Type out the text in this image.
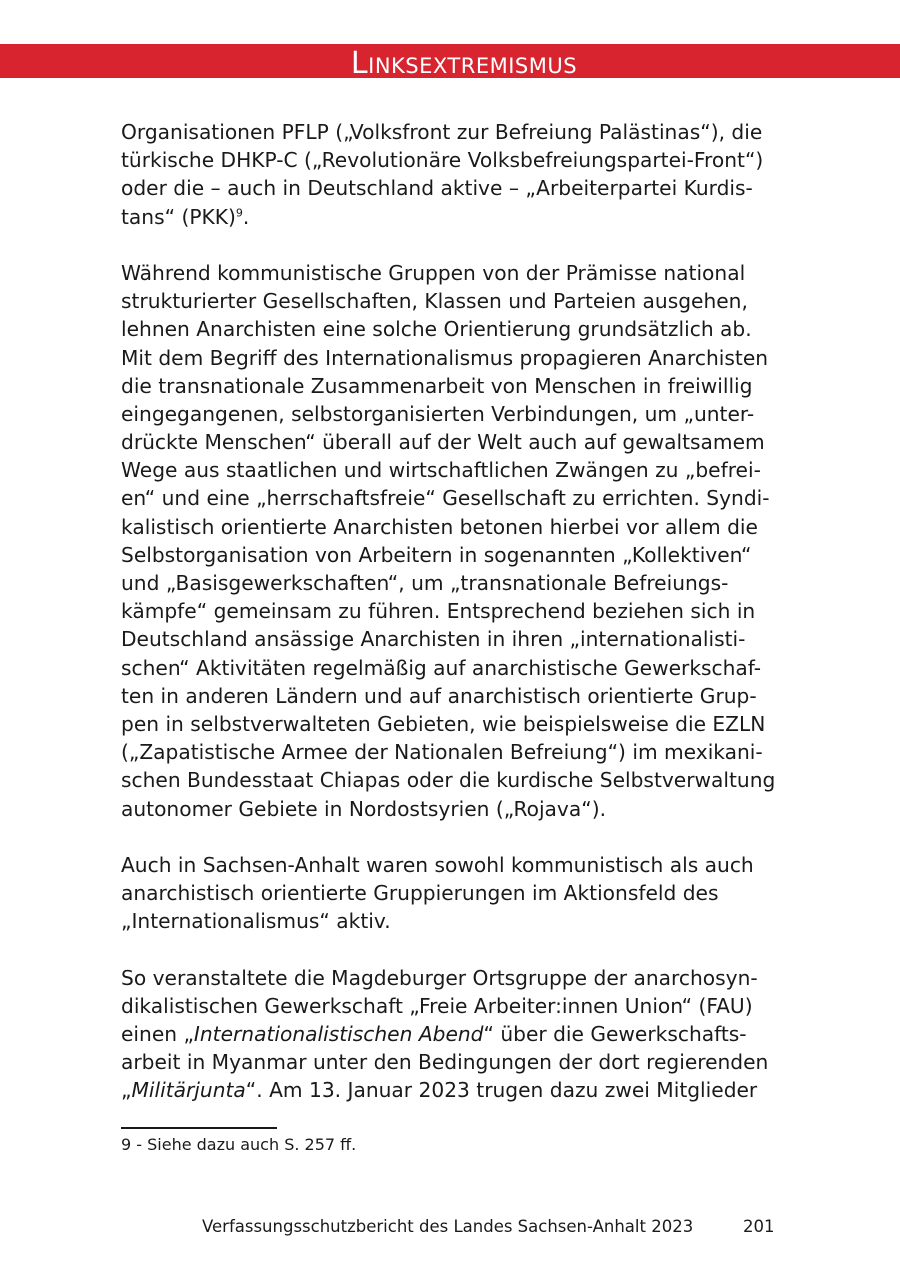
Linksextremismus

Organisationen PFLP („Volksfront zur Befreiung Palästinas“), die
türkische DHKP-C („Revolutionäre Volksbefreiungspartei-Front“)
oder die – auch in Deutschland aktive – „Arbeiterpartei Kurdis-
tans“ (PKK)$^9$.

Während kommunistische Gruppen von der Prämisse national
strukturierter Gesellschaften, Klassen und Parteien ausgehen,
lehnen Anarchisten eine solche Orientierung grundsätzlich ab.
Mit dem Begriff des Internationalismus propagieren Anarchisten
die transnationale Zusammenarbeit von Menschen in freiwillig
eingegangenen, selbstorganisierten Verbindungen, um „unter-
drückte Menschen“ überall auf der Welt auch auf gewaltsamem
Wege aus staatlichen und wirtschaftlichen Zwängen zu „befrei-
en“ und eine „herrschaftsfreie“ Gesellschaft zu errichten. Syndi-
kalistisch orientierte Anarchisten betonen hierbei vor allem die
Selbstorganisation von Arbeitern in sogenannten „Kollektiven“
und „Basisgewerkschaften“, um „transnationale Befreiungs-
kämpfe“ gemeinsam zu führen. Entsprechend beziehen sich in
Deutschland ansässige Anarchisten in ihren „internationalisti-
schen“ Aktivitäten regelmäßig auf anarchistische Gewerkschaf-
ten in anderen Ländern und auf anarchistisch orientierte Grup-
pen in selbstverwalteten Gebieten, wie beispielsweise die EZLN
(„Zapatistische Armee der Nationalen Befreiung“) im mexikani-
schen Bundesstaat Chiapas oder die kurdische Selbstverwaltung
autonomer Gebiete in Nordostsyrien („Rojava“).

Auch in Sachsen-Anhalt waren sowohl kommunistisch als auch
anarchistisch orientierte Gruppierungen im Aktionsfeld des
„Internationalismus“ aktiv.

So veranstaltete die Magdeburger Ortsgruppe der anarchosyn-
dikalistischen Gewerkschaft „Freie Arbeiter:innen Union“ (FAU)
einen „Internationalistischen Abend“ über die Gewerkschafts-
arbeit in Myanmar unter den Bedingungen der dort regierenden
„Militärjunta“. Am 13. Januar 2023 trugen dazu zwei Mitglieder

9 - Siehe dazu auch S. 257 ff.
Verfassungsschutzbericht des Landes Sachsen-Anhalt 2023	201
